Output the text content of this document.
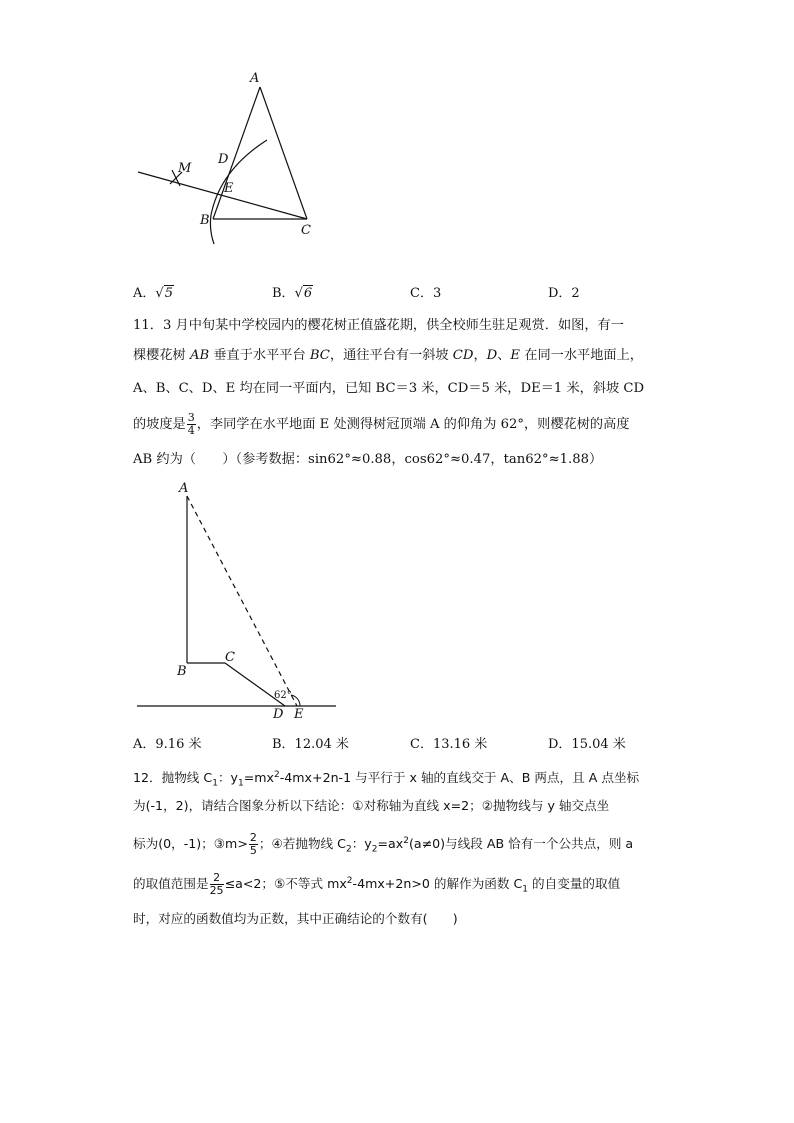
A
D
M
E
B
C
A．√5	B．√6	C．3	D．2
11．3 月中旬某中学校园内的樱花树正值盛花期，供全校师生驻足观赏．如图，有一
棵樱花树 AB 垂直于水平平台 BC，通往平台有一斜坡 CD，D、E 在同一水平地面上，
A、B、C、D、E 均在同一平面内，已知 BC＝3 米，CD＝5 米，DE＝1 米，斜坡 CD
的坡度是 $\frac{3}{4}$ ，李同学在水平地面 E 处测得树冠顶端 A 的仰角为 62°，则樱花树的高度
AB 约为（　　）（参考数据：sin62°≈0.88，cos62°≈0.47，tan62°≈1.88）
A
B
C
D E
62°
A．9.16 米	B．12.04 米	C．13.16 米	D．15.04 米
12．抛物线 $C_1$：$y_1=mx^2-4mx+2n-1$ 与平行于 x 轴的直线交于 A、B 两点，且 A 点坐标
为(-1，2)，请结合图象分析以下结论：①对称轴为直线 x=2；②抛物线与 y 轴交点坐
标为(0，-1)；③m> $\frac{2}{5}$ ；④若抛物线 $C_2$：$y_2=ax^2(a\ne 0)$与线段 AB 恰有一个公共点，则 a
的取值范围是 $\frac{2}{25} \le a<2$；⑤不等式 $mx^2-4mx+2n>0$ 的解作为函数 $C_1$ 的自变量的取值
时，对应的函数值均为正数，其中正确结论的个数有(　　)
